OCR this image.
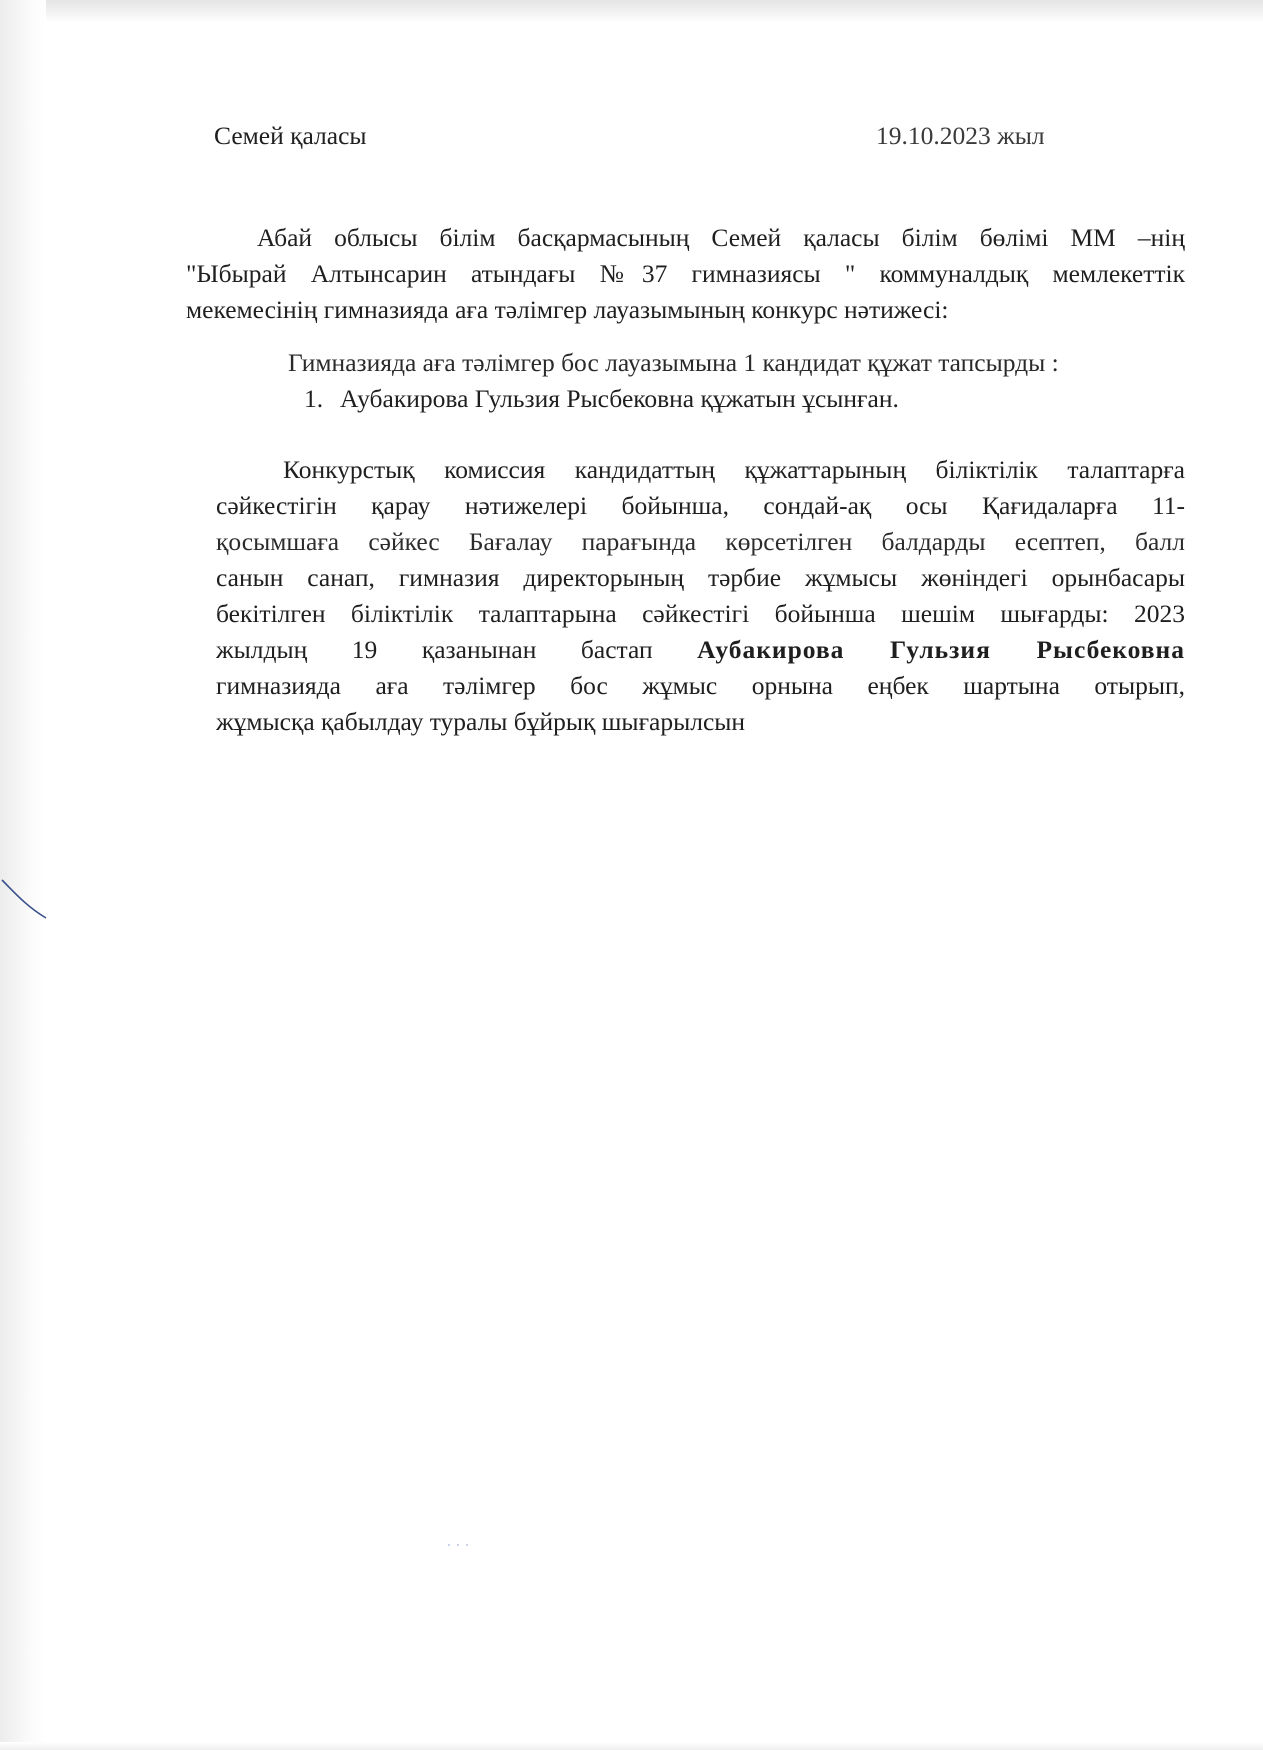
Семей қаласы	19.10.2023 жыл
Абай облысы білім басқармасының Семей қаласы білім бөлімі ММ –нің
"Ыбырай Алтынсарин атындағы №37 гимназиясы " коммуналдық мемлекеттік
мекемесінің гимназияда аға тәлімгер лауазымының конкурс нәтижесі:
Гимназияда аға тәлімгер бос лауазымына 1 кандидат құжат тапсырды :
1. Аубакирова Гульзия Рысбековна құжатын ұсынған.
Конкурстық комиссия кандидаттың құжаттарының біліктілік талаптарға
сәйкестігін қарау нәтижелері бойынша, сондай-ақ осы Қағидаларға 11-
қосымшаға сәйкес Бағалау парағында көрсетілген балдарды есептеп, балл
санын санап, гимназия директорының тәрбие жұмысы жөніндегі орынбасары
бекітілген біліктілік талаптарына сәйкестігі бойынша шешім шығарды: 2023
жылдың 19 қазанынан бастап Аубакирова Гульзия Рысбековна
гимназияда аға тәлімгер бос жұмыс орнына еңбек шартына отырып,
жұмысқа қабылдау туралы бұйрық шығарылсын
